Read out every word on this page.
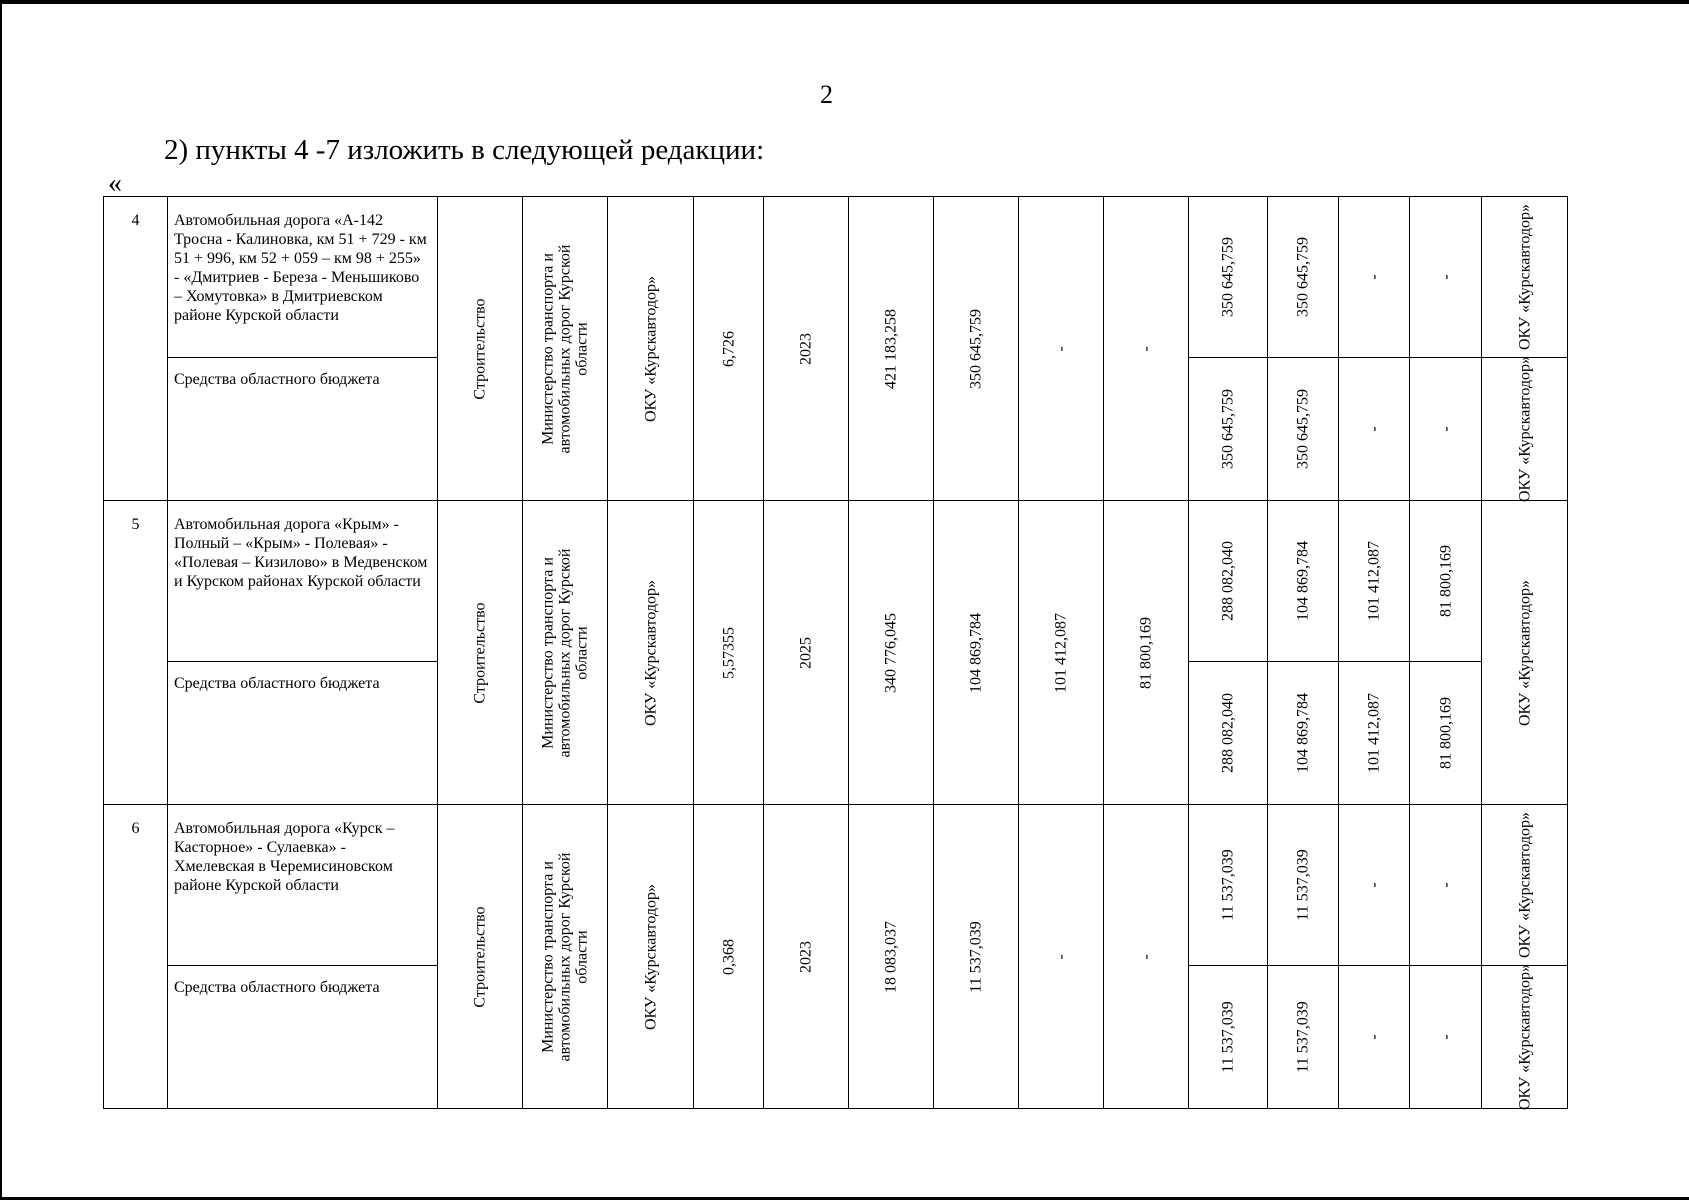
2
2) пункты 4 -7 изложить в следующей редакции:
«
4	Автомобильная дорога «А-142 Тросна - Калиновка, км 51 + 729 - км 51 + 996, км 52 + 059 – км 98 + 255» - «Дмитриев - Береза - Меньшиково – Хомутовка» в Дмитриевском районе Курской области	Строительство	Министерство транспорта и автомобильных дорог Курской области	ОКУ «Курскавтодор»	6,726	2023	421 183,258	350 645,759	-	-	350 645,759	350 645,759	-	-	ОКУ «Курскавтодор»

	Средства областного бюджета										350 645,759	350 645,759	-	-	ОКУ «Курскавтодор»

5	Автомобильная дорога «Крым» - Полный – «Крым» - Полевая» - «Полевая – Кизилово» в Медвенском и Курском районах Курской области	Строительство	Министерство транспорта и автомобильных дорог Курской области	ОКУ «Курскавтодор»	5,57355	2025	340 776,045	104 869,784	101 412,087	81 800,169	288 082,040	104 869,784	101 412,087	81 800,169	ОКУ «Курскавтодор»

	Средства областного бюджета										288 082,040	104 869,784	101 412,087	81 800,169	

6	Автомобильная дорога «Курск – Касторное» - Сулаевка» - Хмелевская в Черемисиновском районе Курской области	Строительство	Министерство транспорта и автомобильных дорог Курской области	ОКУ «Курскавтодор»	0,368	2023	18 083,037	11 537,039	-	-	11 537,039	11 537,039	-	-	ОКУ «Курскавтодор»

	Средства областного бюджета										11 537,039	11 537,039	-	-	ОКУ «Курскавтодор»
